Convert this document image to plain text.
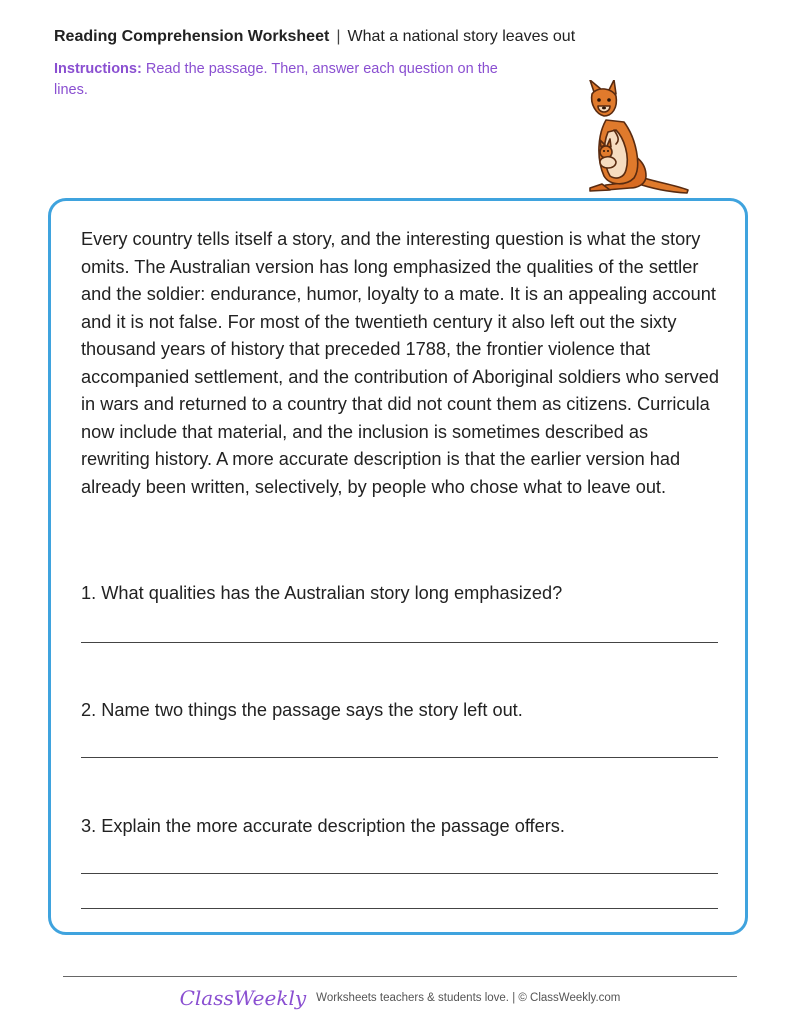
Reading Comprehension Worksheet | What a national story leaves out
Instructions: Read the passage. Then, answer each question on the lines.
Every country tells itself a story, and the interesting question is what the story omits. The Australian version has long emphasized the qualities of the settler and the soldier: endurance, humor, loyalty to a mate. It is an appealing account and it is not false. For most of the twentieth century it also left out the sixty thousand years of history that preceded 1788, the frontier violence that accompanied settlement, and the contribution of Aboriginal soldiers who served in wars and returned to a country that did not count them as citizens. Curricula now include that material, and the inclusion is sometimes described as rewriting history. A more accurate description is that the earlier version had already been written, selectively, by people who chose what to leave out.
1. What qualities has the Australian story long emphasized?
2. Name two things the passage says the story left out.
3. Explain the more accurate description the passage offers.
ClassWeekly Worksheets teachers & students love. | © ClassWeekly.com
